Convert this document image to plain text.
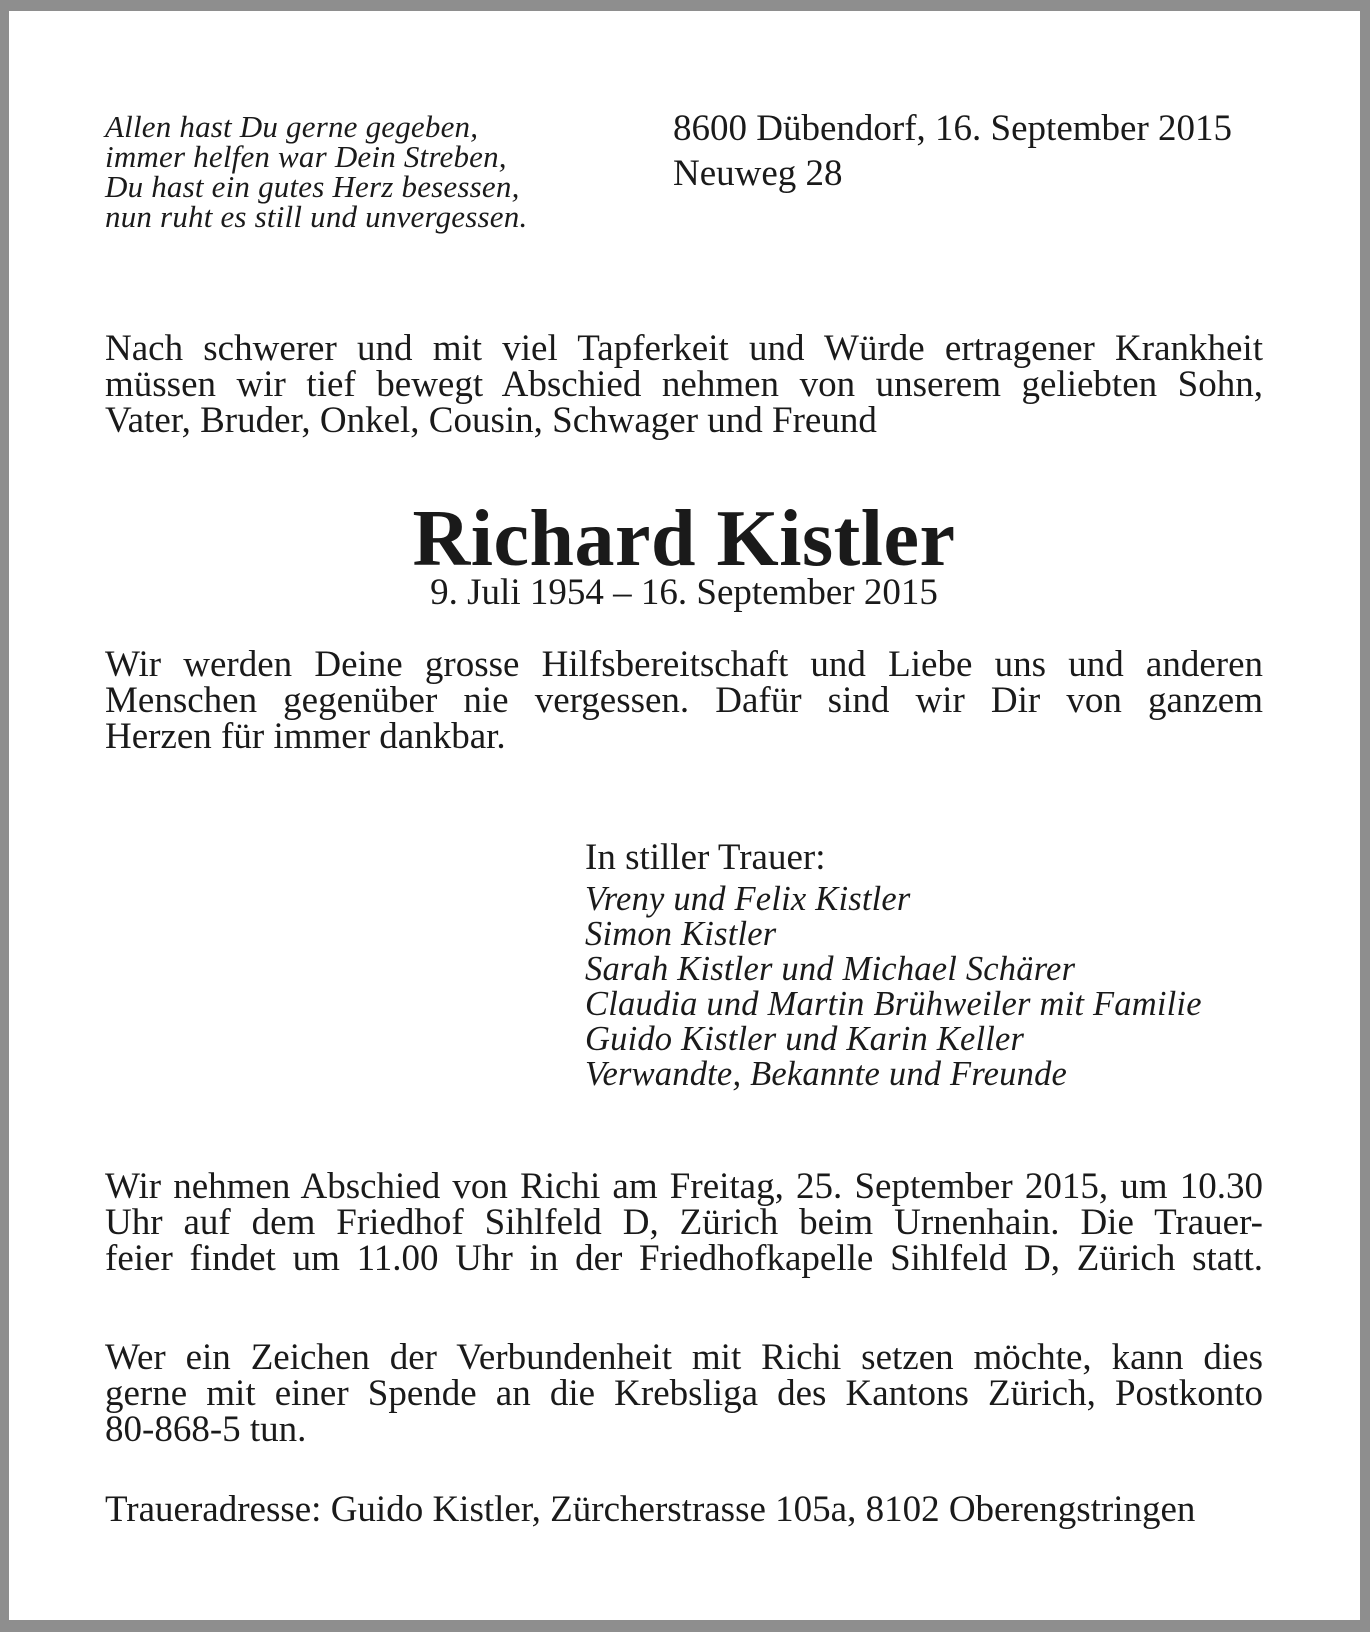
Allen hast Du gerne gegeben,
immer helfen war Dein Streben,
Du hast ein gutes Herz besessen,
nun ruht es still und unvergessen.
8600 Dübendorf, 16. September 2015
Neuweg 28
Nach schwerer und mit viel Tapferkeit und Würde ertragener Krankheit
müssen wir tief bewegt Abschied nehmen von unserem geliebten Sohn,
Vater, Bruder, Onkel, Cousin, Schwager und Freund
Richard Kistler
9. Juli 1954 – 16. September 2015
Wir werden Deine grosse Hilfsbereitschaft und Liebe uns und anderen
Menschen gegenüber nie vergessen. Dafür sind wir Dir von ganzem
Herzen für immer dankbar.
In stiller Trauer:
Vreny und Felix Kistler
Simon Kistler
Sarah Kistler und Michael Schärer
Claudia und Martin Brühweiler mit Familie
Guido Kistler und Karin Keller
Verwandte, Bekannte und Freunde
Wir nehmen Abschied von Richi am Freitag, 25. September 2015, um 10.30
Uhr auf dem Friedhof Sihlfeld D, Zürich beim Urnenhain. Die Trauer-
feier findet um 11.00 Uhr in der Friedhofkapelle Sihlfeld D, Zürich statt.
Wer ein Zeichen der Verbundenheit mit Richi setzen möchte, kann dies
gerne mit einer Spende an die Krebsliga des Kantons Zürich, Postkonto
80-868-5 tun.
Traueradresse: Guido Kistler, Zürcherstrasse 105a, 8102 Oberengstringen
